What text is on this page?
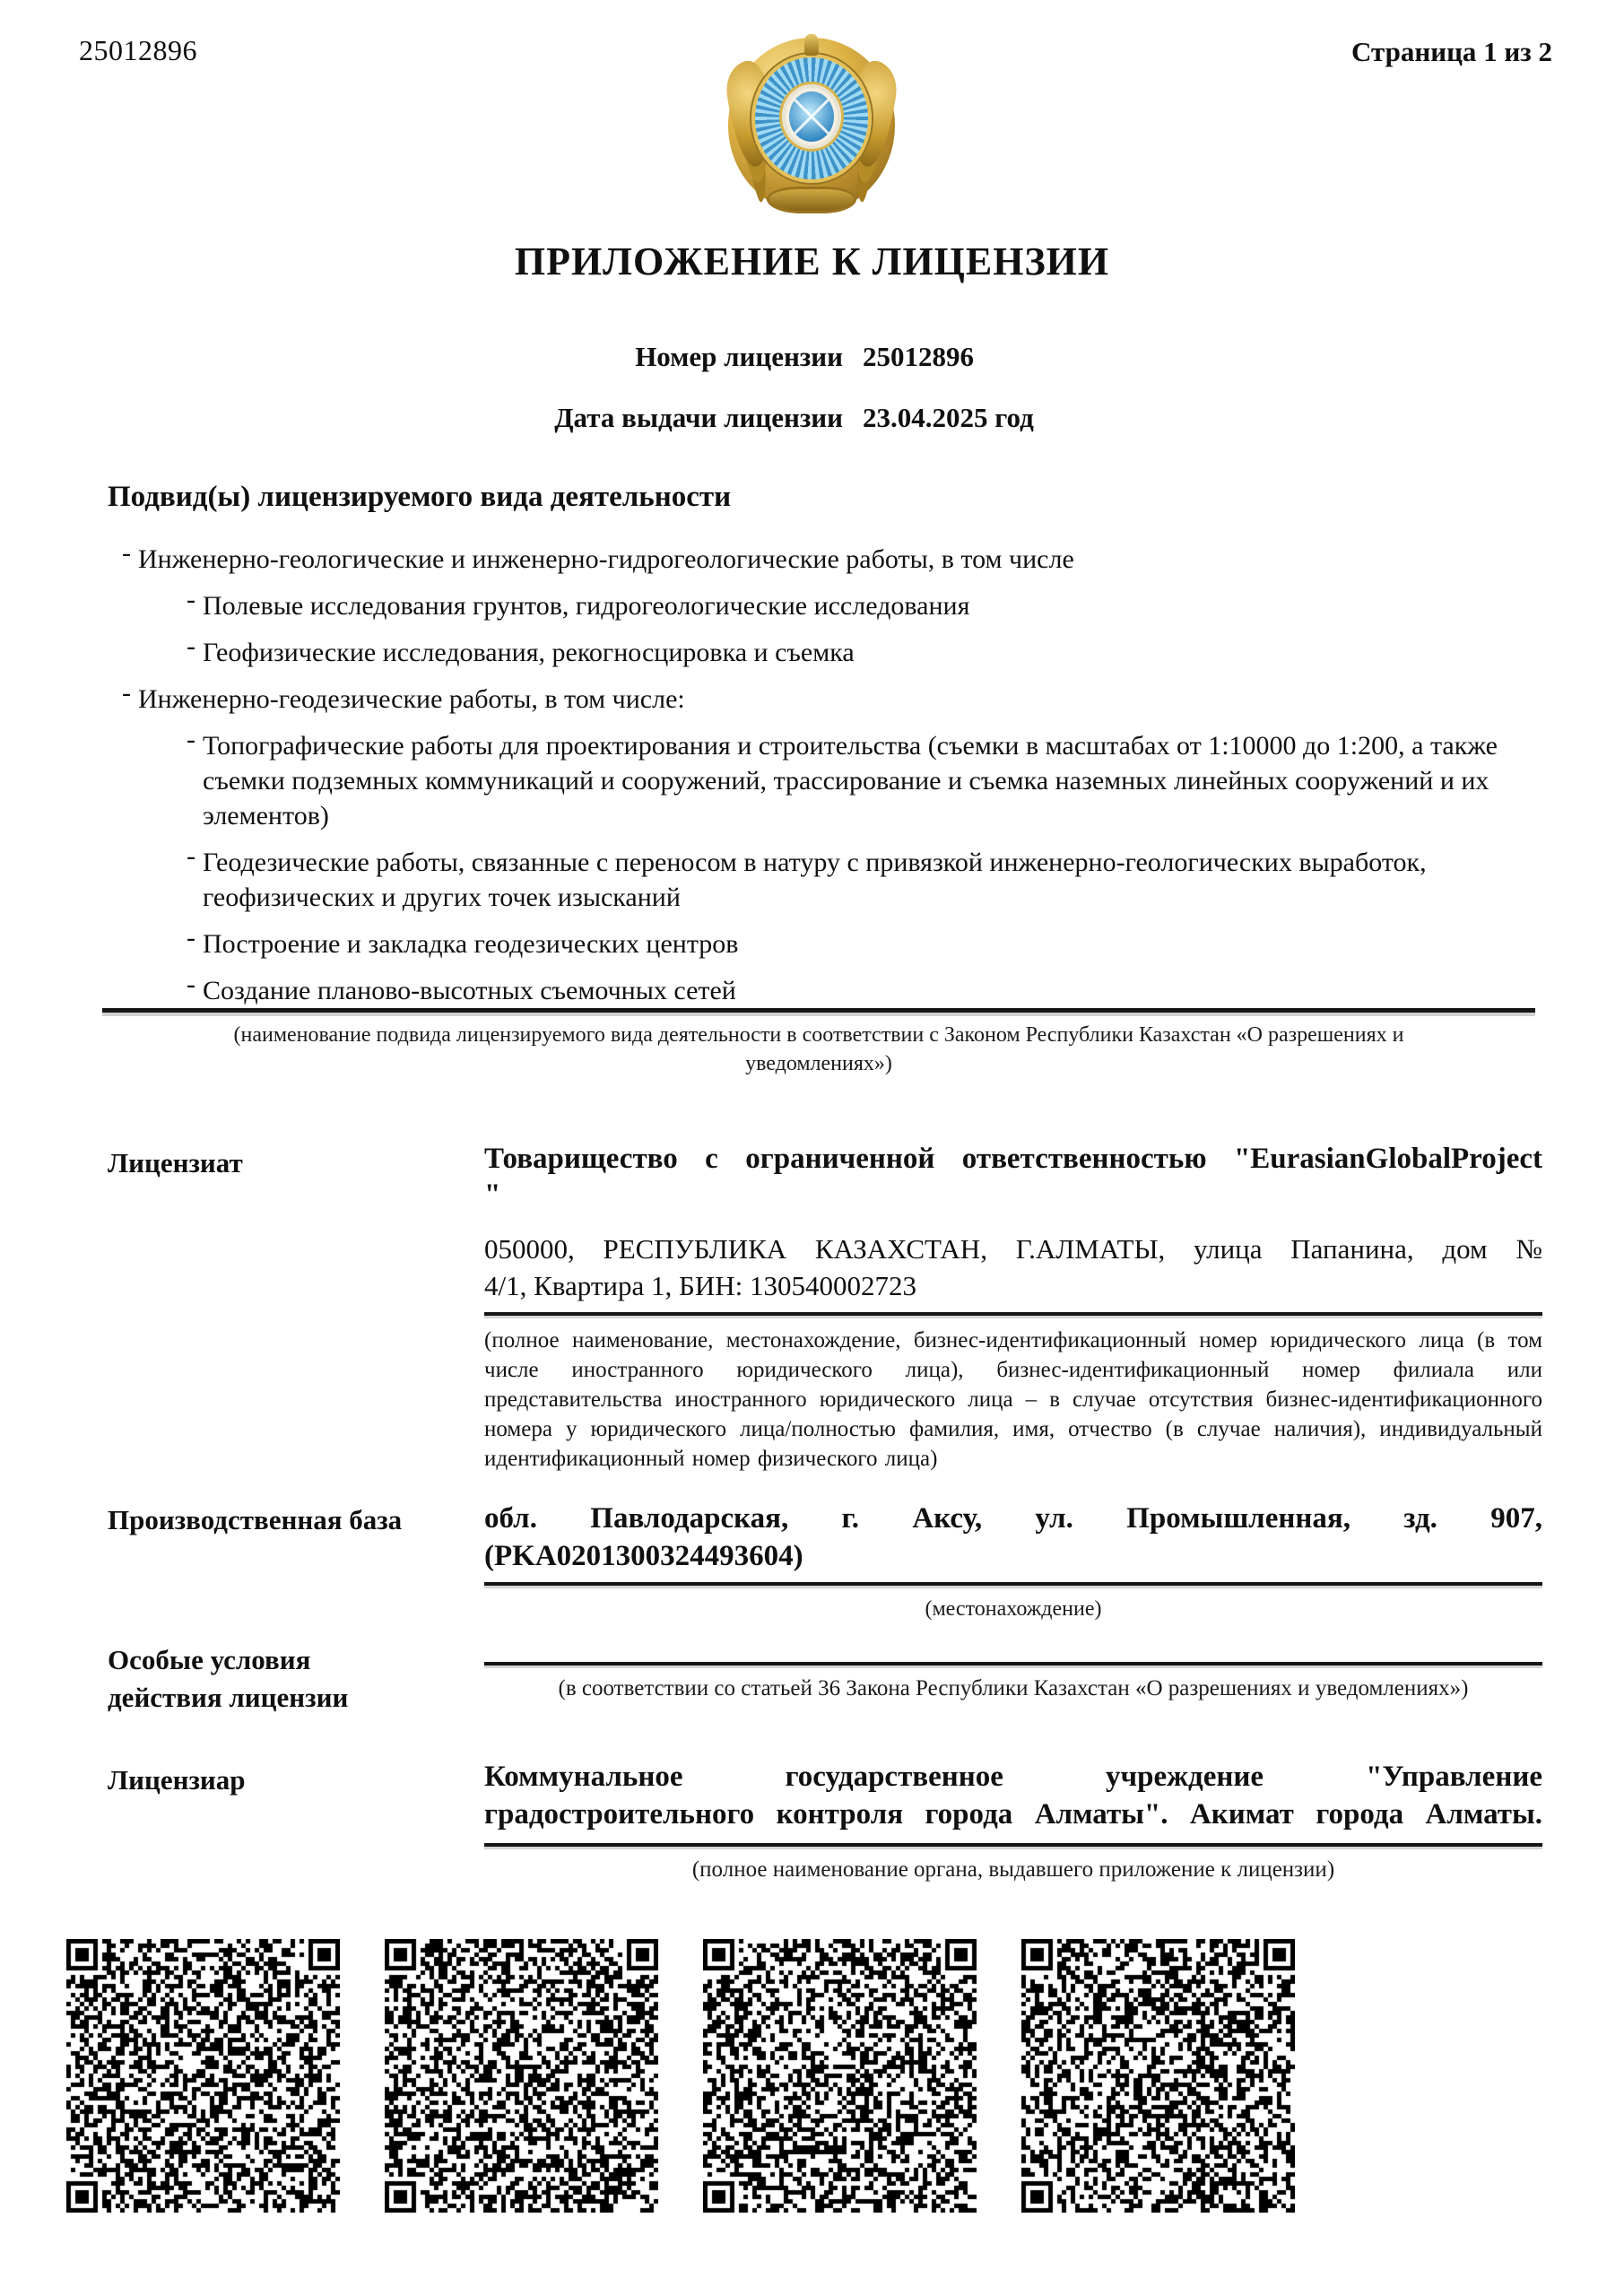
25012896	Страница 1 из 2
ПРИЛОЖЕНИЕ К ЛИЦЕНЗИИ
Номер лицензии 25012896
Дата выдачи лицензии 23.04.2025 год
Подвид(ы) лицензируемого вида деятельности
- Инженерно-геологические и инженерно-гидрогеологические работы, в том числе
- Полевые исследования грунтов, гидрогеологические исследования
- Геофизические исследования, рекогносцировка и съемка
- Инженерно-геодезические работы, в том числе:
- Топографические работы для проектирования и строительства (съемки в масштабах от 1:10000 до 1:200, а также съемки подземных коммуникаций и сооружений, трассирование и съемка наземных линейных сооружений и их элементов)
- Геодезические работы, связанные с переносом в натуру с привязкой инженерно-геологических выработок, геофизических и других точек изысканий
- Построение и закладка геодезических центров
- Создание планово-высотных съемочных сетей
(наименование подвида лицензируемого вида деятельности в соответствии с Законом Республики Казахстан «О разрешениях и уведомлениях»)
Лицензиат	Товарищество с ограниченной ответственностью "EurasianGlobalProject
"
050000, РЕСПУБЛИКА КАЗАХСТАН, Г.АЛМАТЫ, улица Папанина, дом №
4/1, Квартира 1, БИН: 130540002723
(полное наименование, местонахождение, бизнес-идентификационный номер юридического лица (в том числе иностранного юридического лица), бизнес-идентификационный номер филиала или представительства иностранного юридического лица – в случае отсутствия бизнес-идентификационного номера у юридического лица/полностью фамилия, имя, отчество (в случае наличия), индивидуальный идентификационный номер физического лица)
Производственная база	обл. Павлодарская, г. Аксу, ул. Промышленная, зд. 907,
(PKA0201300324493604)
(местонахождение)
Особые условия действия лицензии	(в соответствии со статьей 36 Закона Республики Казахстан «О разрешениях и уведомлениях»)
Лицензиар	Коммунальное государственное учреждение "Управление
градостроительного контроля города Алматы". Акимат города Алматы.
(полное наименование органа, выдавшего приложение к лицензии)
